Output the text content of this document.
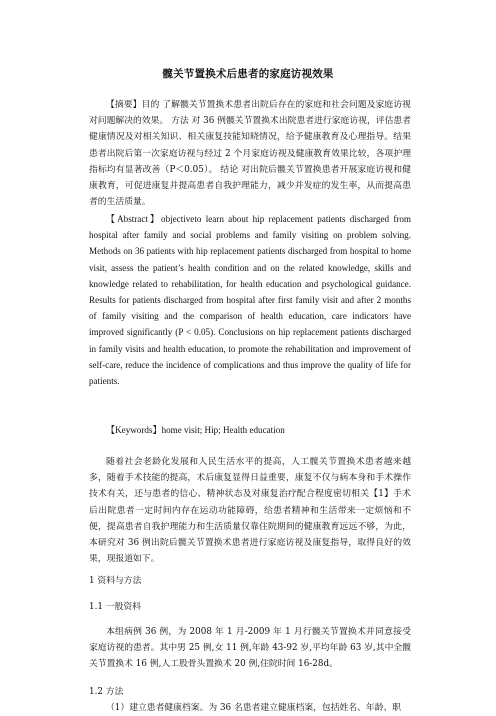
髋关节置换术后患者的家庭访视效果

【摘要】目的 了解髋关节置换术患者出院后存在的家庭和社会问题及家庭访视对问题解决的效果。 方法 对 36 例髋关节置换术出院患者进行家庭访视，评估患者健康情况及对相关知识、相关康复技能知晓情况，给予健康教育及心理指导。结果 患者出院后第一次家庭访视与经过 2 个月家庭访视及健康教育效果比较，各项护理指标均有显著改善（P＜0.05）。 结论 对出院后髋关节置换患者开展家庭访视和健康教育，可促进康复并提高患者自我护理能力，减少并发症的发生率，从而提高患者的生活质量。

【Abstract】objectiveto learn about hip replacement patients discharged from hospital after family and social problems and family visiting on problem solving. Methods on 36 patients with hip replacement patients discharged from hospital to home visit, assess the patient’s health condition and on the related knowledge, skills and knowledge related to rehabilitation, for health education and psychological guidance. Results for patients discharged from hospital after first family visit and after 2 months of family visiting and the comparison of health education, care indicators have improved significantly (P < 0.05). Conclusions on hip replacement patients discharged in family visits and health education, to promote the rehabilitation and improvement of self-care, reduce the incidence of complications and thus improve the quality of life for patients.

【Keywords】home visit; Hip; Health education

随着社会老龄化发展和人民生活水平的提高，人工髋关节置换术患者越来越多，随着手术技能的提高，术后康复显得日益重要，康复不仅与病本身和手术操作技术有关，还与患者的信心、精神状态及对康复治疗配合程度密切相关【1】手术后出院患者一定时间内存在运动功能障碍，给患者精神和生活带来一定烦恼和不便，提高患者自我护理能力和生活质量仅靠住院期间的健康教育远远不够，为此，本研究对 36 例出院后髋关节置换术患者进行家庭访视及康复指导，取得良好的效果，现报道如下。

1 资料与方法

1.1 一般资料

本组病例 36 例，为 2008 年 1 月-2009 年 1 月行髋关节置换术并同意接受家庭访视的患者。其中男 25 例,女 11 例,年龄 43-92 岁,平均年龄 63 岁,其中全髋关节置换术 16 例,人工股骨头置换术 20 例,住院时间 16-28d。

1.2 方法

（1）建立患者健康档案。为 36 名患者建立健康档案，包括姓名、年龄、职
